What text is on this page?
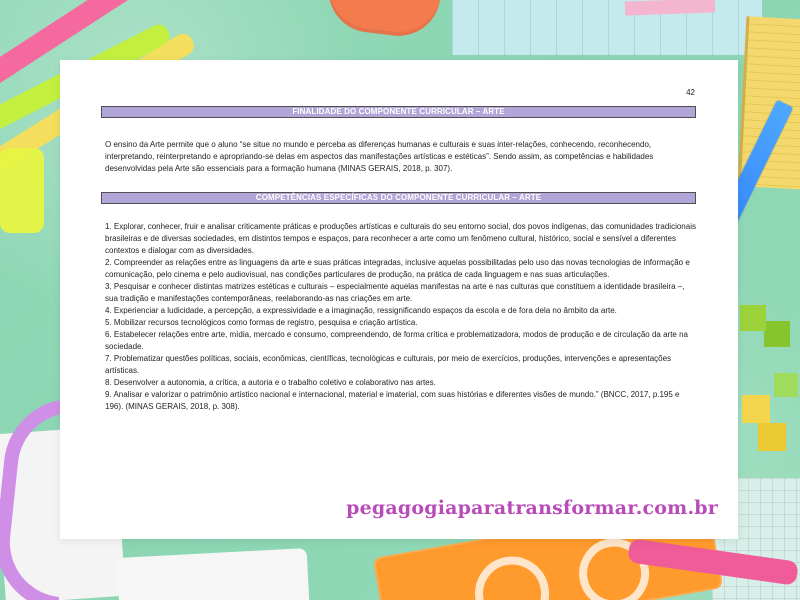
42
FINALIDADE DO COMPONENTE CURRICULAR – ARTE

O ensino da Arte permite que o aluno “se situe no mundo e perceba as diferenças humanas e culturais e suas inter-relações, conhecendo, reconhecendo, interpretando, reinterpretando e apropriando-se delas em aspectos das manifestações artísticas e estéticas”. Sendo assim, as competências e habilidades desenvolvidas pela Arte são essenciais para a formação humana (MINAS GERAIS, 2018, p. 307).

COMPETÊNCIAS ESPECÍFICAS DO COMPONENTE CURRICULAR – ARTE

1. Explorar, conhecer, fruir e analisar criticamente práticas e produções artísticas e culturais do seu entorno social, dos povos indígenas, das comunidades tradicionais brasileiras e de diversas sociedades, em distintos tempos e espaços, para reconhecer a arte como um fenômeno cultural, histórico, social e sensível a diferentes contextos e dialogar com as diversidades.

2. Compreender as relações entre as linguagens da arte e suas práticas integradas, inclusive aquelas possibilitadas pelo uso das novas tecnologias de informação e comunicação, pelo cinema e pelo audiovisual, nas condições particulares de produção, na prática de cada linguagem e nas suas articulações.

3. Pesquisar e conhecer distintas matrizes estéticas e culturais – especialmente aquelas manifestas na arte e nas culturas que constituem a identidade brasileira –, sua tradição e manifestações contemporâneas, reelaborando-as nas criações em arte.

4. Experienciar a ludicidade, a percepção, a expressividade e a imaginação, ressignificando espaços da escola e de fora dela no âmbito da arte.

5. Mobilizar recursos tecnológicos como formas de registro, pesquisa e criação artística.

6. Estabelecer relações entre arte, mídia, mercado e consumo, compreendendo, de forma crítica e problematizadora, modos de produção e de circulação da arte na sociedade.

7. Problematizar questões políticas, sociais, econômicas, científicas, tecnológicas e culturais, por meio de exercícios, produções, intervenções e apresentações artísticas.

8. Desenvolver a autonomia, a crítica, a autoria e o trabalho coletivo e colaborativo nas artes.

9. Analisar e valorizar o patrimônio artístico nacional e internacional, material e imaterial, com suas histórias e diferentes visões de mundo.” (BNCC, 2017, p.195 e 196). (MINAS GERAIS, 2018, p. 308).

pegagogiaparatransformar.com.br
